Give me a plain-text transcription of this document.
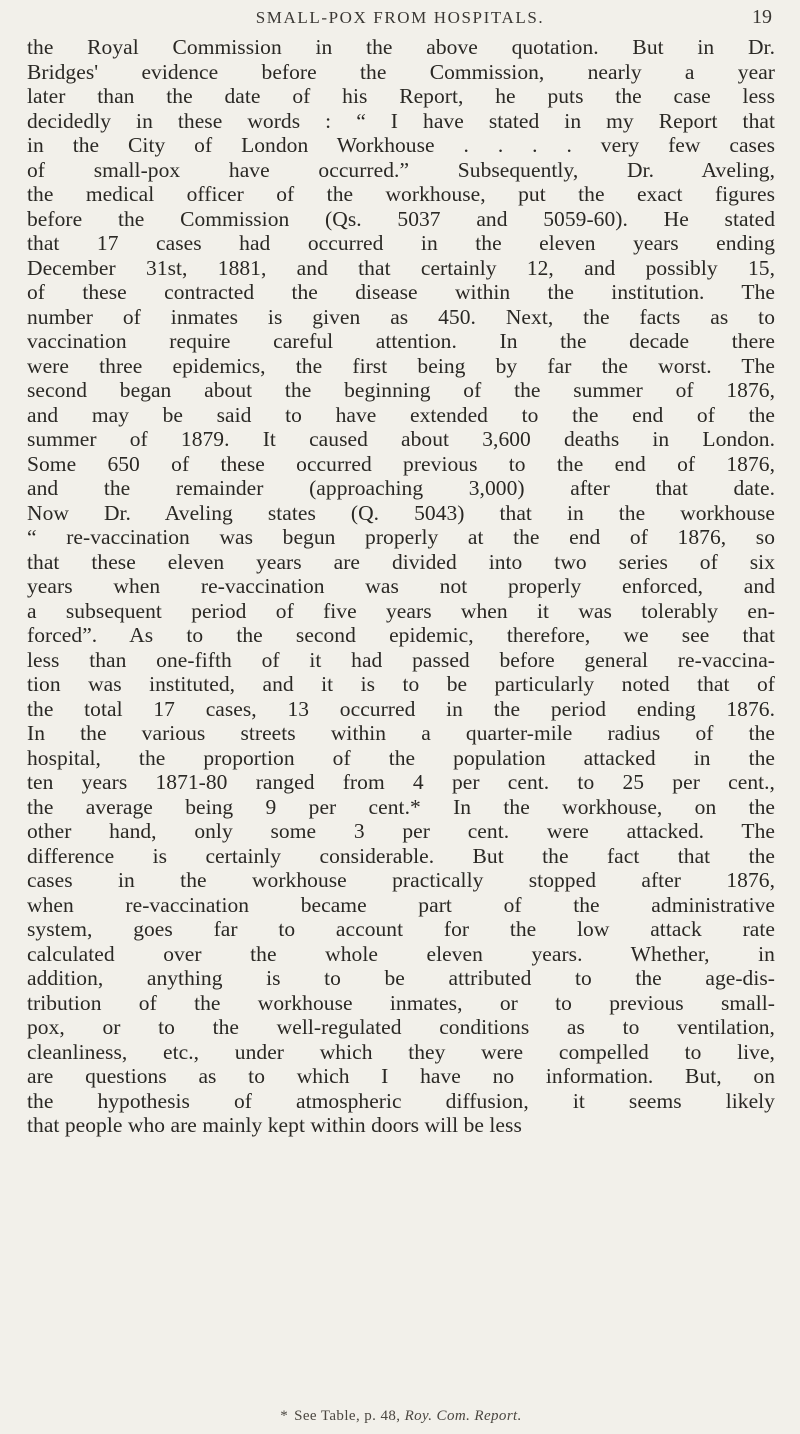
SMALL-POX FROM HOSPITALS.	19
the Royal Commission in the above quotation. But in Dr.
Bridges' evidence before the Commission, nearly a year
later than the date of his Report, he puts the case less
decidedly in these words : “ I have stated in my Report that
in the City of London Workhouse . . . . very few cases
of small-pox have occurred.” Subsequently, Dr. Aveling,
the medical officer of the workhouse, put the exact figures
before the Commission (Qs. 5037 and 5059-60). He stated
that 17 cases had occurred in the eleven years ending
December 31st, 1881, and that certainly 12, and possibly 15,
of these contracted the disease within the institution. The
number of inmates is given as 450. Next, the facts as to
vaccination require careful attention. In the decade there
were three epidemics, the first being by far the worst. The
second began about the beginning of the summer of 1876,
and may be said to have extended to the end of the
summer of 1879. It caused about 3,600 deaths in London.
Some 650 of these occurred previous to the end of 1876,
and the remainder (approaching 3,000) after that date.
Now Dr. Aveling states (Q. 5043) that in the workhouse
“ re-vaccination was begun properly at the end of 1876, so
that these eleven years are divided into two series of six
years when re-vaccination was not properly enforced, and
a subsequent period of five years when it was tolerably en-
forced”. As to the second epidemic, therefore, we see that
less than one-fifth of it had passed before general re-vaccina-
tion was instituted, and it is to be particularly noted that of
the total 17 cases, 13 occurred in the period ending 1876.
In the various streets within a quarter-mile radius of the
hospital, the proportion of the population attacked in the
ten years 1871-80 ranged from 4 per cent. to 25 per cent.,
the average being 9 per cent.* In the workhouse, on the
other hand, only some 3 per cent. were attacked. The
difference is certainly considerable. But the fact that the
cases in the workhouse practically stopped after 1876,
when re-vaccination became part of the administrative
system, goes far to account for the low attack rate
calculated over the whole eleven years. Whether, in
addition, anything is to be attributed to the age-dis-
tribution of the workhouse inmates, or to previous small-
pox, or to the well-regulated conditions as to ventilation,
cleanliness, etc., under which they were compelled to live,
are questions as to which I have no information. But, on
the hypothesis of atmospheric diffusion, it seems likely
that people who are mainly kept within doors will be less
* See Table, p. 48, Roy. Com. Report.
